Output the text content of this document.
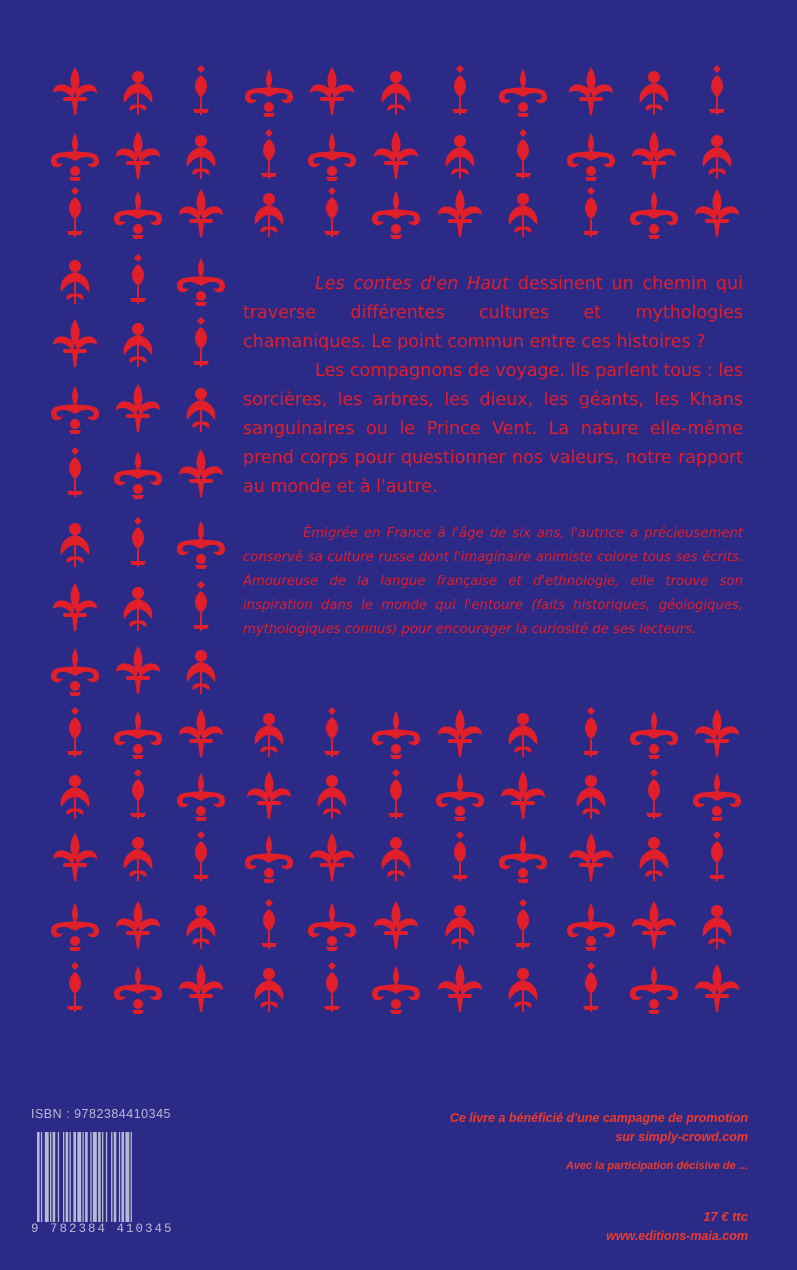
Les contes d'en Haut dessinent un chemin qui traverse différentes cultures et mythologies chamaniques. Le point commun entre ces histoires ?

Les compagnons de voyage. Ils parlent tous : les sorcières, les arbres, les dieux, les géants, les Khans sanguinaires ou le Prince Vent. La nature elle-même prend corps pour questionner nos valeurs, notre rapport au monde et à l'autre.

Émigrée en France à l'âge de six ans, l'autrice a précieusement conservé sa culture russe dont l'imaginaire animiste colore tous ses écrits. Amoureuse de la langue française et d'ethnologie, elle trouve son inspiration dans le monde qui l'entoure (faits historiques, géologiques, mythologiques connus) pour encourager la curiosité de ses lecteurs.

ISBN : 9782384410345
9 782384 410345
Ce livre a bénéficié d'une campagne de promotion
sur simply-crowd.com
Avec la participation décisive de ...
17 € ttc
www.editions-maia.com
